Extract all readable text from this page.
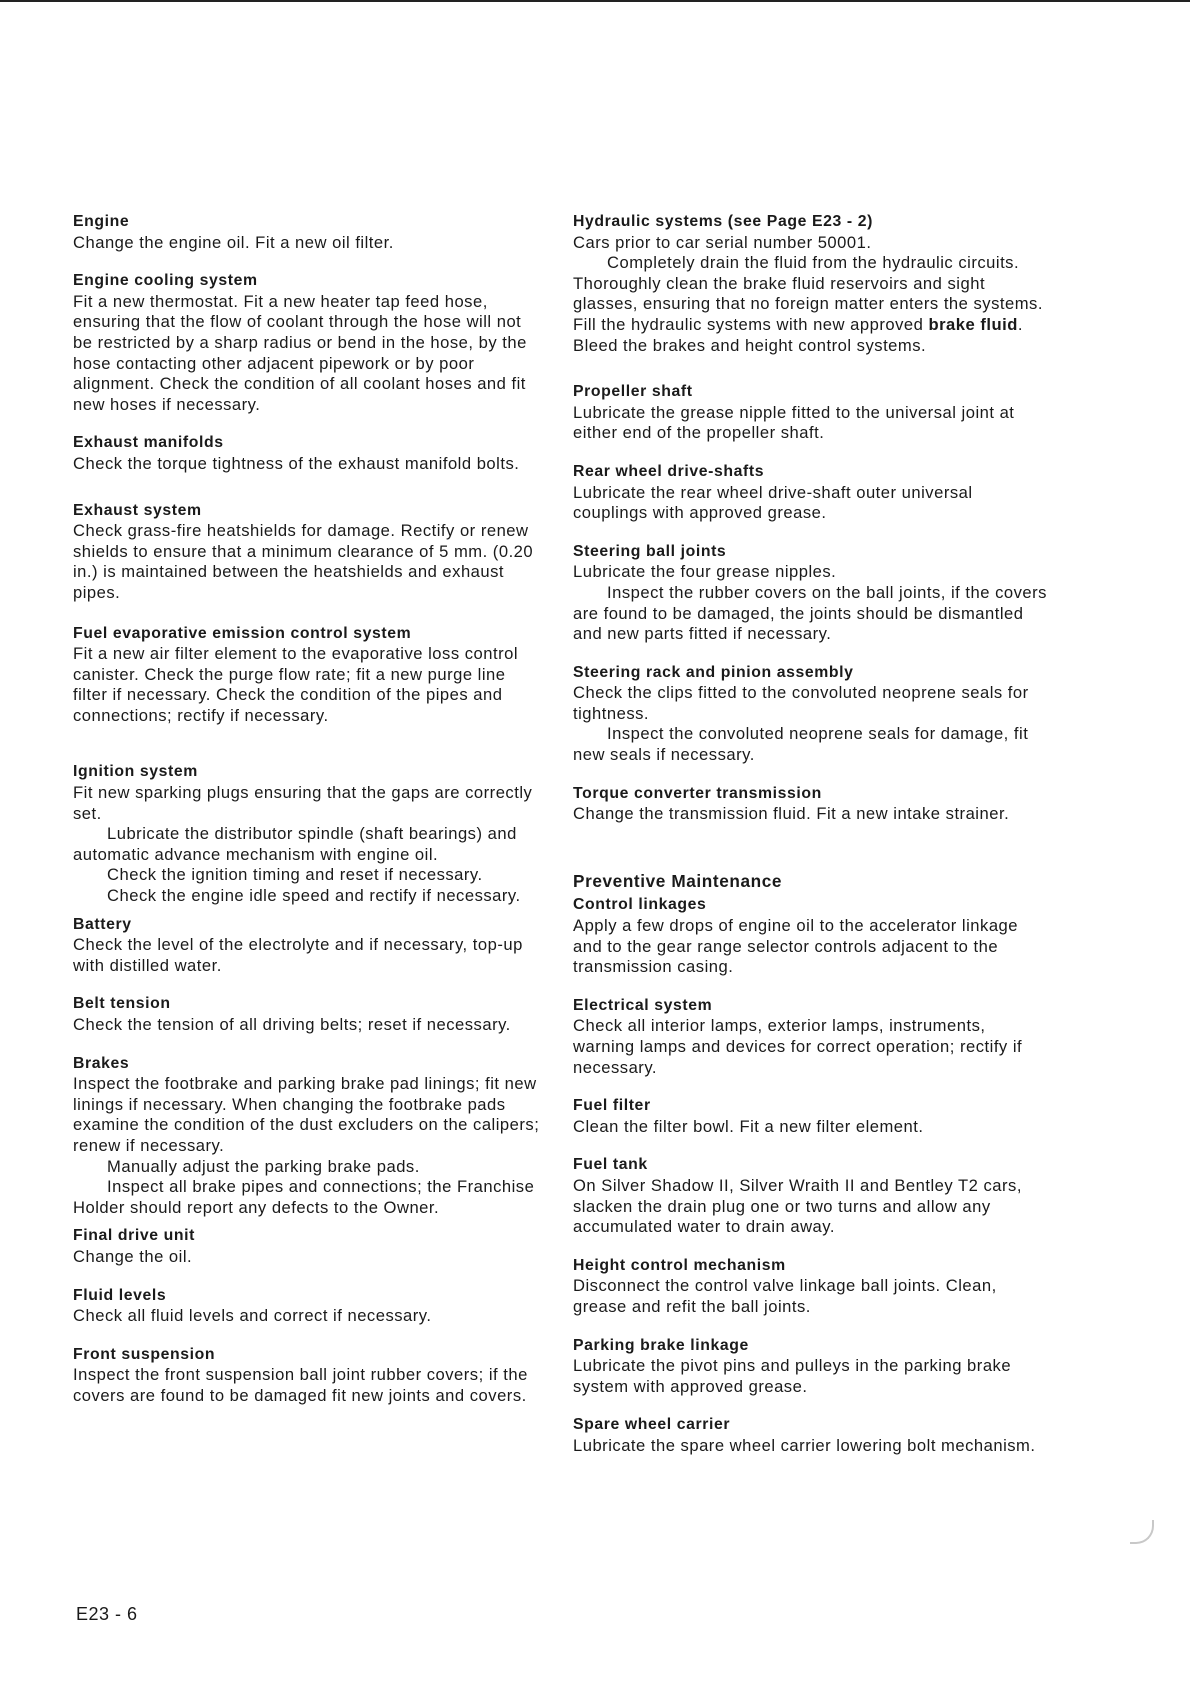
Engine

Change the engine oil. Fit a new oil filter.

Engine cooling system

Fit a new thermostat. Fit a new heater tap feed hose, ensuring that the flow of coolant through the hose will not be restricted by a sharp radius or bend in the hose, by the hose contacting other adjacent pipework or by poor alignment. Check the condition of all coolant hoses and fit new hoses if necessary.

Exhaust manifolds

Check the torque tightness of the exhaust manifold bolts.

Exhaust system

Check grass-fire heatshields for damage. Rectify or renew shields to ensure that a minimum clearance of 5 mm. (0.20 in.) is maintained between the heatshields and exhaust pipes.

Fuel evaporative emission control system

Fit a new air filter element to the evaporative loss control canister. Check the purge flow rate; fit a new purge line filter if necessary. Check the condition of the pipes and connections; rectify if necessary.

Ignition system

Fit new sparking plugs ensuring that the gaps are correctly set.

Lubricate the distributor spindle (shaft bearings) and automatic advance mechanism with engine oil.

Check the ignition timing and reset if necessary.

Check the engine idle speed and rectify if necessary.

Battery

Check the level of the electrolyte and if necessary, top-up with distilled water.

Belt tension

Check the tension of all driving belts; reset if necessary.

Brakes

Inspect the footbrake and parking brake pad linings; fit new linings if necessary. When changing the footbrake pads examine the condition of the dust excluders on the calipers; renew if necessary.

Manually adjust the parking brake pads.

Inspect all brake pipes and connections; the Franchise Holder should report any defects to the Owner.

Final drive unit

Change the oil.

Fluid levels

Check all fluid levels and correct if necessary.

Front suspension

Inspect the front suspension ball joint rubber covers; if the covers are found to be damaged fit new joints and covers.

Hydraulic systems (see Page E23 - 2)

Cars prior to car serial number 50001.

Completely drain the fluid from the hydraulic circuits. Thoroughly clean the brake fluid reservoirs and sight glasses, ensuring that no foreign matter enters the systems. Fill the hydraulic systems with new approved brake fluid. Bleed the brakes and height control systems.

Propeller shaft

Lubricate the grease nipple fitted to the universal joint at either end of the propeller shaft.

Rear wheel drive-shafts

Lubricate the rear wheel drive-shaft outer universal couplings with approved grease.

Steering ball joints

Lubricate the four grease nipples.

Inspect the rubber covers on the ball joints, if the covers are found to be damaged, the joints should be dismantled and new parts fitted if necessary.

Steering rack and pinion assembly

Check the clips fitted to the convoluted neoprene seals for tightness.

Inspect the convoluted neoprene seals for damage, fit new seals if necessary.

Torque converter transmission

Change the transmission fluid. Fit a new intake strainer.

Preventive Maintenance
Control linkages

Apply a few drops of engine oil to the accelerator linkage and to the gear range selector controls adjacent to the transmission casing.

Electrical system

Check all interior lamps, exterior lamps, instruments, warning lamps and devices for correct operation; rectify if necessary.

Fuel filter

Clean the filter bowl. Fit a new filter element.

Fuel tank

On Silver Shadow II, Silver Wraith II and Bentley T2 cars, slacken the drain plug one or two turns and allow any accumulated water to drain away.

Height control mechanism

Disconnect the control valve linkage ball joints. Clean, grease and refit the ball joints.

Parking brake linkage

Lubricate the pivot pins and pulleys in the parking brake system with approved grease.

Spare wheel carrier

Lubricate the spare wheel carrier lowering bolt mechanism.

E23 - 6
